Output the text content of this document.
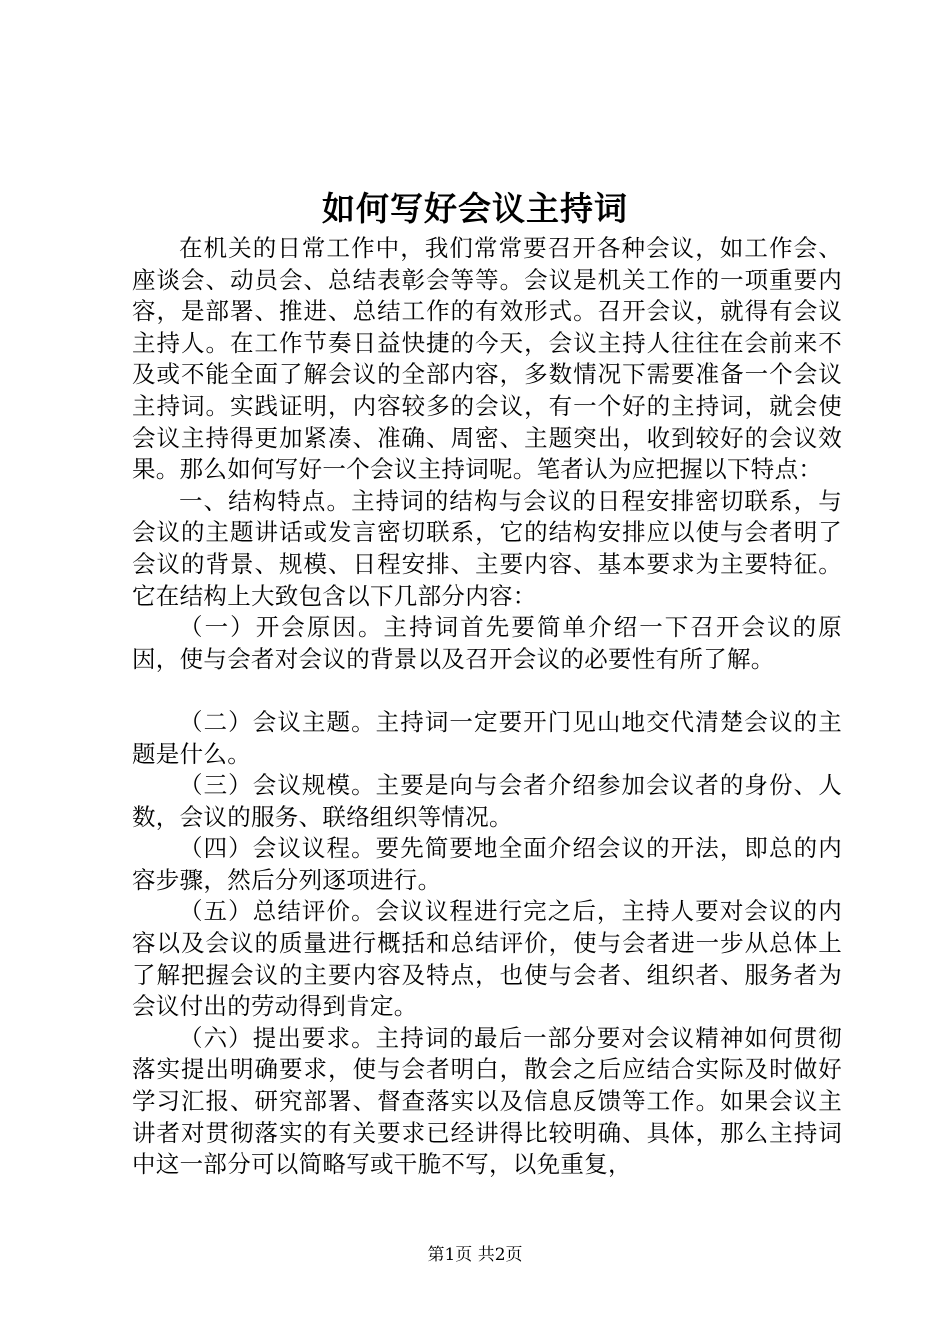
如何写好会议主持词

在机关的日常工作中，我们常常要召开各种会议，如工作会、座谈会、动员会、总结表彰会等等。会议是机关工作的一项重要内容，是部署、推进、总结工作的有效形式。召开会议，就得有会议主持人。在工作节奏日益快捷的今天，会议主持人往往在会前来不及或不能全面了解会议的全部内容，多数情况下需要准备一个会议主持词。实践证明，内容较多的会议，有一个好的主持词，就会使会议主持得更加紧凑、准确、周密、主题突出，收到较好的会议效果。那么如何写好一个会议主持词呢。笔者认为应把握以下特点：

一、结构特点。主持词的结构与会议的日程安排密切联系，与会议的主题讲话或发言密切联系，它的结构安排应以使与会者明了会议的背景、规模、日程安排、主要内容、基本要求为主要特征。它在结构上大致包含以下几部分内容：

（一）开会原因。主持词首先要简单介绍一下召开会议的原因，使与会者对会议的背景以及召开会议的必要性有所了解。

（二）会议主题。主持词一定要开门见山地交代清楚会议的主题是什么。

（三）会议规模。主要是向与会者介绍参加会议者的身份、人数，会议的服务、联络组织等情况。

（四）会议议程。要先简要地全面介绍会议的开法，即总的内容步骤，然后分列逐项进行。

（五）总结评价。会议议程进行完之后，主持人要对会议的内容以及会议的质量进行概括和总结评价，使与会者进一步从总体上了解把握会议的主要内容及特点，也使与会者、组织者、服务者为会议付出的劳动得到肯定。

（六）提出要求。主持词的最后一部分要对会议精神如何贯彻落实提出明确要求，使与会者明白，散会之后应结合实际及时做好学习汇报、研究部署、督查落实以及信息反馈等工作。如果会议主讲者对贯彻落实的有关要求已经讲得比较明确、具体，那么主持词中这一部分可以简略写或干脆不写，以免重复，

第1页 共2页
